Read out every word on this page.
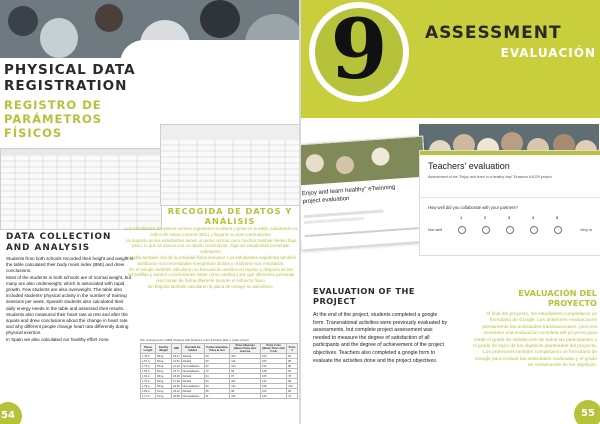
PHYSICAL DATA REGISTRATION
REGISTRO DE PARÁMETROS FÍSICOS
RECOGIDA DE DATOS Y ANÁLISIS
Los estudiantes de ambos centros registraron su altura y peso en la tabla, calculando su índice de masa corporal (IMC) y llegaron a unas conclusiones.
La mayoría de los estudiantes tienen un peso normal, pero muchos también tienen bajo peso, lo que se asocia con un rápido crecimiento. Algunos estudiantes presentan sobrepeso.
La tabla también incluía la actividad física semanal. Los estudiantes españoles también analizaron sus necesidades energéticas diarias y realizaron sus resultados.
En el estudio también calcularon su frecuencia cardiaca en reposo y después de las sentadillas y sacaron conclusiones sobre cómo cambia y por qué diferentes personas reaccionan de forma diferente durante el esfuerzo físico.
En España también calcularon la placa de ensayo su asimétrico.
DATA COLLECTION AND ANALYSIS
Students from both schools recorded their height and weight in the table calculated their body mass index (BMI) and drew conclusions.
Most of the students in both schools are of normal weight, but many are also underweight, which is associated with rapid growth. Few students are also overweight. The table also included students' physical activity in the number of training sessions per week. Spanish students also calculated their daily energy needs in the table and assessed their results.
Students also measured their heart rate at rest and after the squats and drew conclusions about the change in heart rate and why different people change heart rate differently during physical exertion.
In Spain we also calculated our healthy effort zone.	Tab. Arrangements of BMI Students with Students of all 19 Deaths table 1 (main school)
Pituus Length	Kaninty Weight	BMI	Normaali ala Indeksi	Puska rahapahaa Pulse at rest	Pulse liikunnan jälkeen Pulse after exercise	Pulse 2 min jälkeen Pulse after 2 min	Pulse 3
1.78 m	58 kg	18.27	Alinkalt	69	104	152	92
1.67 m	60 kg	21.51	Alinkalt	60	112	160	85
1.75 m	65 kg	21.22	Normaalipaino	62	104	134	80
1.65 m	60 kg	22.71	Normaalipaino	72	99	148	82
1.62 m	48 kg	18.29	Alinkalt	64	87	155	78
1.70 m	52 kg	17.99	Alinkalt	60	101	142	88
1.79 m	95 kg	29.65	Normaalipaino	80	142	158	100
1.83 m	61 kg	18.22	Alinkalt	58	98	163	80
1.71 m	61 kg	20.85	Normaalipaino	61	110	149	70
54
9	ASSESSMENT
EVALUACIÓN
Enjoy and learn healthy" eTwinning
project evaluation
Teachers' evaluation
Assessment of the "Enjoy and learn in a healthy way" Erasmus KA229 project
How well did you collaborate with your partners?
Not well	Very w
1	2	3	4	5
EVALUATION OF THE PROJECT
At the end of the project, students completed a google form. Transnational activities were previously evaluated by assessments, but complete project assessment was needed to measure the degree of satisfaction of all participants and the degree of achievement of the project objectives. Teachers also completed a google form to evaluate the activities done and the project objectives.
EVALUACIÓN DEL PROYECTO
Al final del proyecto, los estudiantes completaron un formulario de Google. Las anteriores evaluaciones previamente las actividades transnacionales, pero era necesario una evaluación completa del proyecto para medir el grado de satisfacción de todos los participantes y el grado de logro de los objetivos planteados del proyecto. Los profesores también completaron un formulario de Google para evaluar las actividades realizadas y el grado de consecución de los objetivos.
55
